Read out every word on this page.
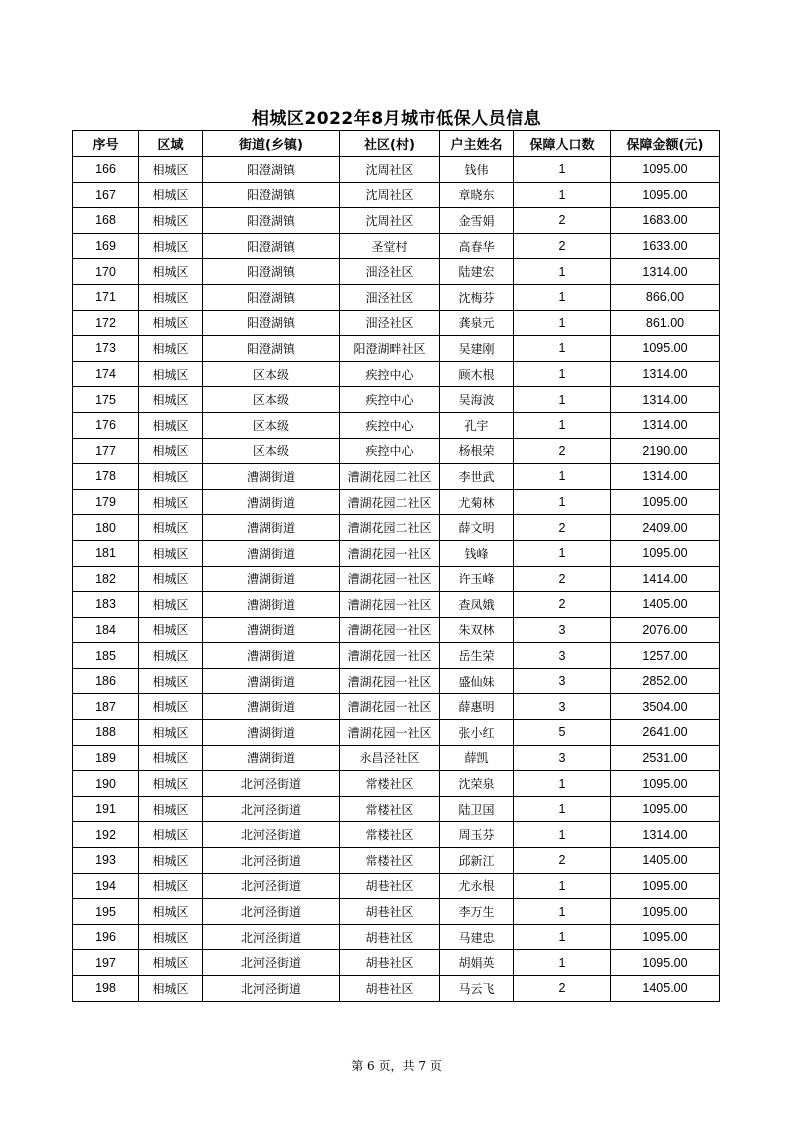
相城区2022年8月城市低保人员信息
序号	区域	街道(乡镇)	社区(村)	户主姓名	保障人口数	保障金额(元)
166	相城区	阳澄湖镇	沈周社区	钱伟	1	1095.00
167	相城区	阳澄湖镇	沈周社区	章晓东	1	1095.00
168	相城区	阳澄湖镇	沈周社区	金雪娟	2	1683.00
169	相城区	阳澄湖镇	圣堂村	高春华	2	1633.00
170	相城区	阳澄湖镇	沺泾社区	陆建宏	1	1314.00
171	相城区	阳澄湖镇	沺泾社区	沈梅芬	1	866.00
172	相城区	阳澄湖镇	沺泾社区	龚泉元	1	861.00
173	相城区	阳澄湖镇	阳澄湖畔社区	吴建刚	1	1095.00
174	相城区	区本级	疾控中心	顾木根	1	1314.00
175	相城区	区本级	疾控中心	吴海波	1	1314.00
176	相城区	区本级	疾控中心	孔宇	1	1314.00
177	相城区	区本级	疾控中心	杨根荣	2	2190.00
178	相城区	漕湖街道	漕湖花园二社区	李世武	1	1314.00
179	相城区	漕湖街道	漕湖花园二社区	尤菊林	1	1095.00
180	相城区	漕湖街道	漕湖花园二社区	薛文明	2	2409.00
181	相城区	漕湖街道	漕湖花园一社区	钱峰	1	1095.00
182	相城区	漕湖街道	漕湖花园一社区	许玉峰	2	1414.00
183	相城区	漕湖街道	漕湖花园一社区	查凤娥	2	1405.00
184	相城区	漕湖街道	漕湖花园一社区	朱双林	3	2076.00
185	相城区	漕湖街道	漕湖花园一社区	岳生荣	3	1257.00
186	相城区	漕湖街道	漕湖花园一社区	盛仙妹	3	2852.00
187	相城区	漕湖街道	漕湖花园一社区	薛惠明	3	3504.00
188	相城区	漕湖街道	漕湖花园一社区	张小红	5	2641.00
189	相城区	漕湖街道	永昌泾社区	薛凯	3	2531.00
190	相城区	北河泾街道	常楼社区	沈荣泉	1	1095.00
191	相城区	北河泾街道	常楼社区	陆卫国	1	1095.00
192	相城区	北河泾街道	常楼社区	周玉芬	1	1314.00
193	相城区	北河泾街道	常楼社区	邱新江	2	1405.00
194	相城区	北河泾街道	胡巷社区	尤永根	1	1095.00
195	相城区	北河泾街道	胡巷社区	李万生	1	1095.00
196	相城区	北河泾街道	胡巷社区	马建忠	1	1095.00
197	相城区	北河泾街道	胡巷社区	胡娟英	1	1095.00
198	相城区	北河泾街道	胡巷社区	马云飞	2	1405.00
第 6 页，共 7 页
